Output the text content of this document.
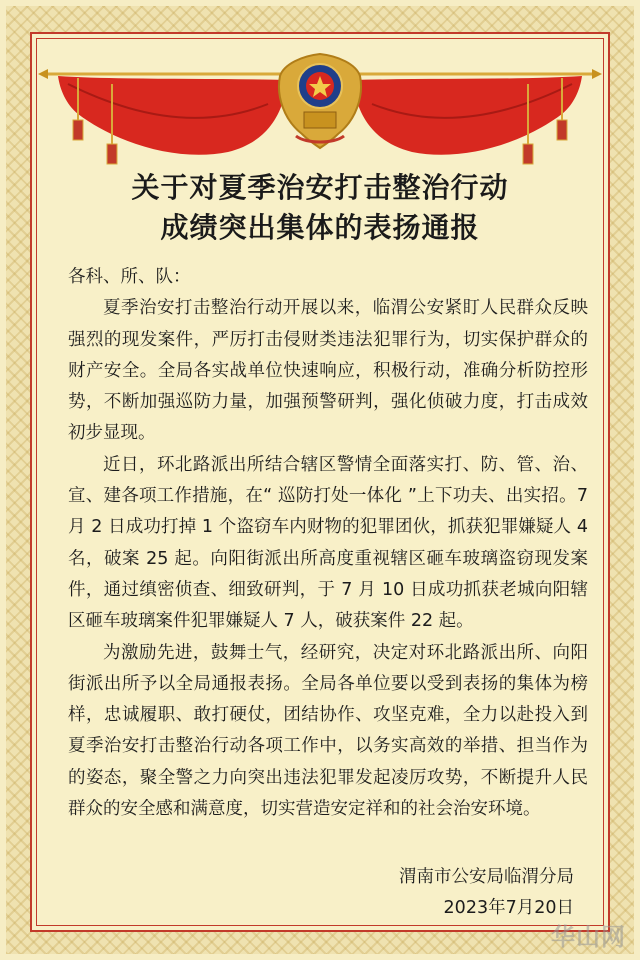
关于对夏季治安打击整治行动
成绩突出集体的表扬通报

各科、所、队：

夏季治安打击整治行动开展以来，临渭公安紧盯人民群众反映强烈的现发案件，严厉打击侵财类违法犯罪行为，切实保护群众的财产安全。全局各实战单位快速响应，积极行动，准确分析防控形势，不断加强巡防力量，加强预警研判，强化侦破力度，打击成效初步显现。

近日，环北路派出所结合辖区警情全面落实打、防、管、治、宣、建各项工作措施，在“ 巡防打处一体化 ”上下功夫、出实招。7 月 2 日成功打掉 1 个盗窃车内财物的犯罪团伙，抓获犯罪嫌疑人 4 名，破案 25 起。向阳街派出所高度重视辖区砸车玻璃盗窃现发案件，通过缜密侦查、细致研判，于 7 月 10 日成功抓获老城向阳辖区砸车玻璃案件犯罪嫌疑人 7 人，破获案件 22 起。

为激励先进，鼓舞士气，经研究，决定对环北路派出所、向阳街派出所予以全局通报表扬。全局各单位要以受到表扬的集体为榜样，忠诚履职、敢打硬仗，团结协作、攻坚克难，全力以赴投入到夏季治安打击整治行动各项工作中，以务实高效的举措、担当作为的姿态，聚全警之力向突出违法犯罪发起凌厉攻势，不断提升人民群众的安全感和满意度，切实营造安定祥和的社会治安环境。

渭南市公安局临渭分局
2023年7月20日
华山网
